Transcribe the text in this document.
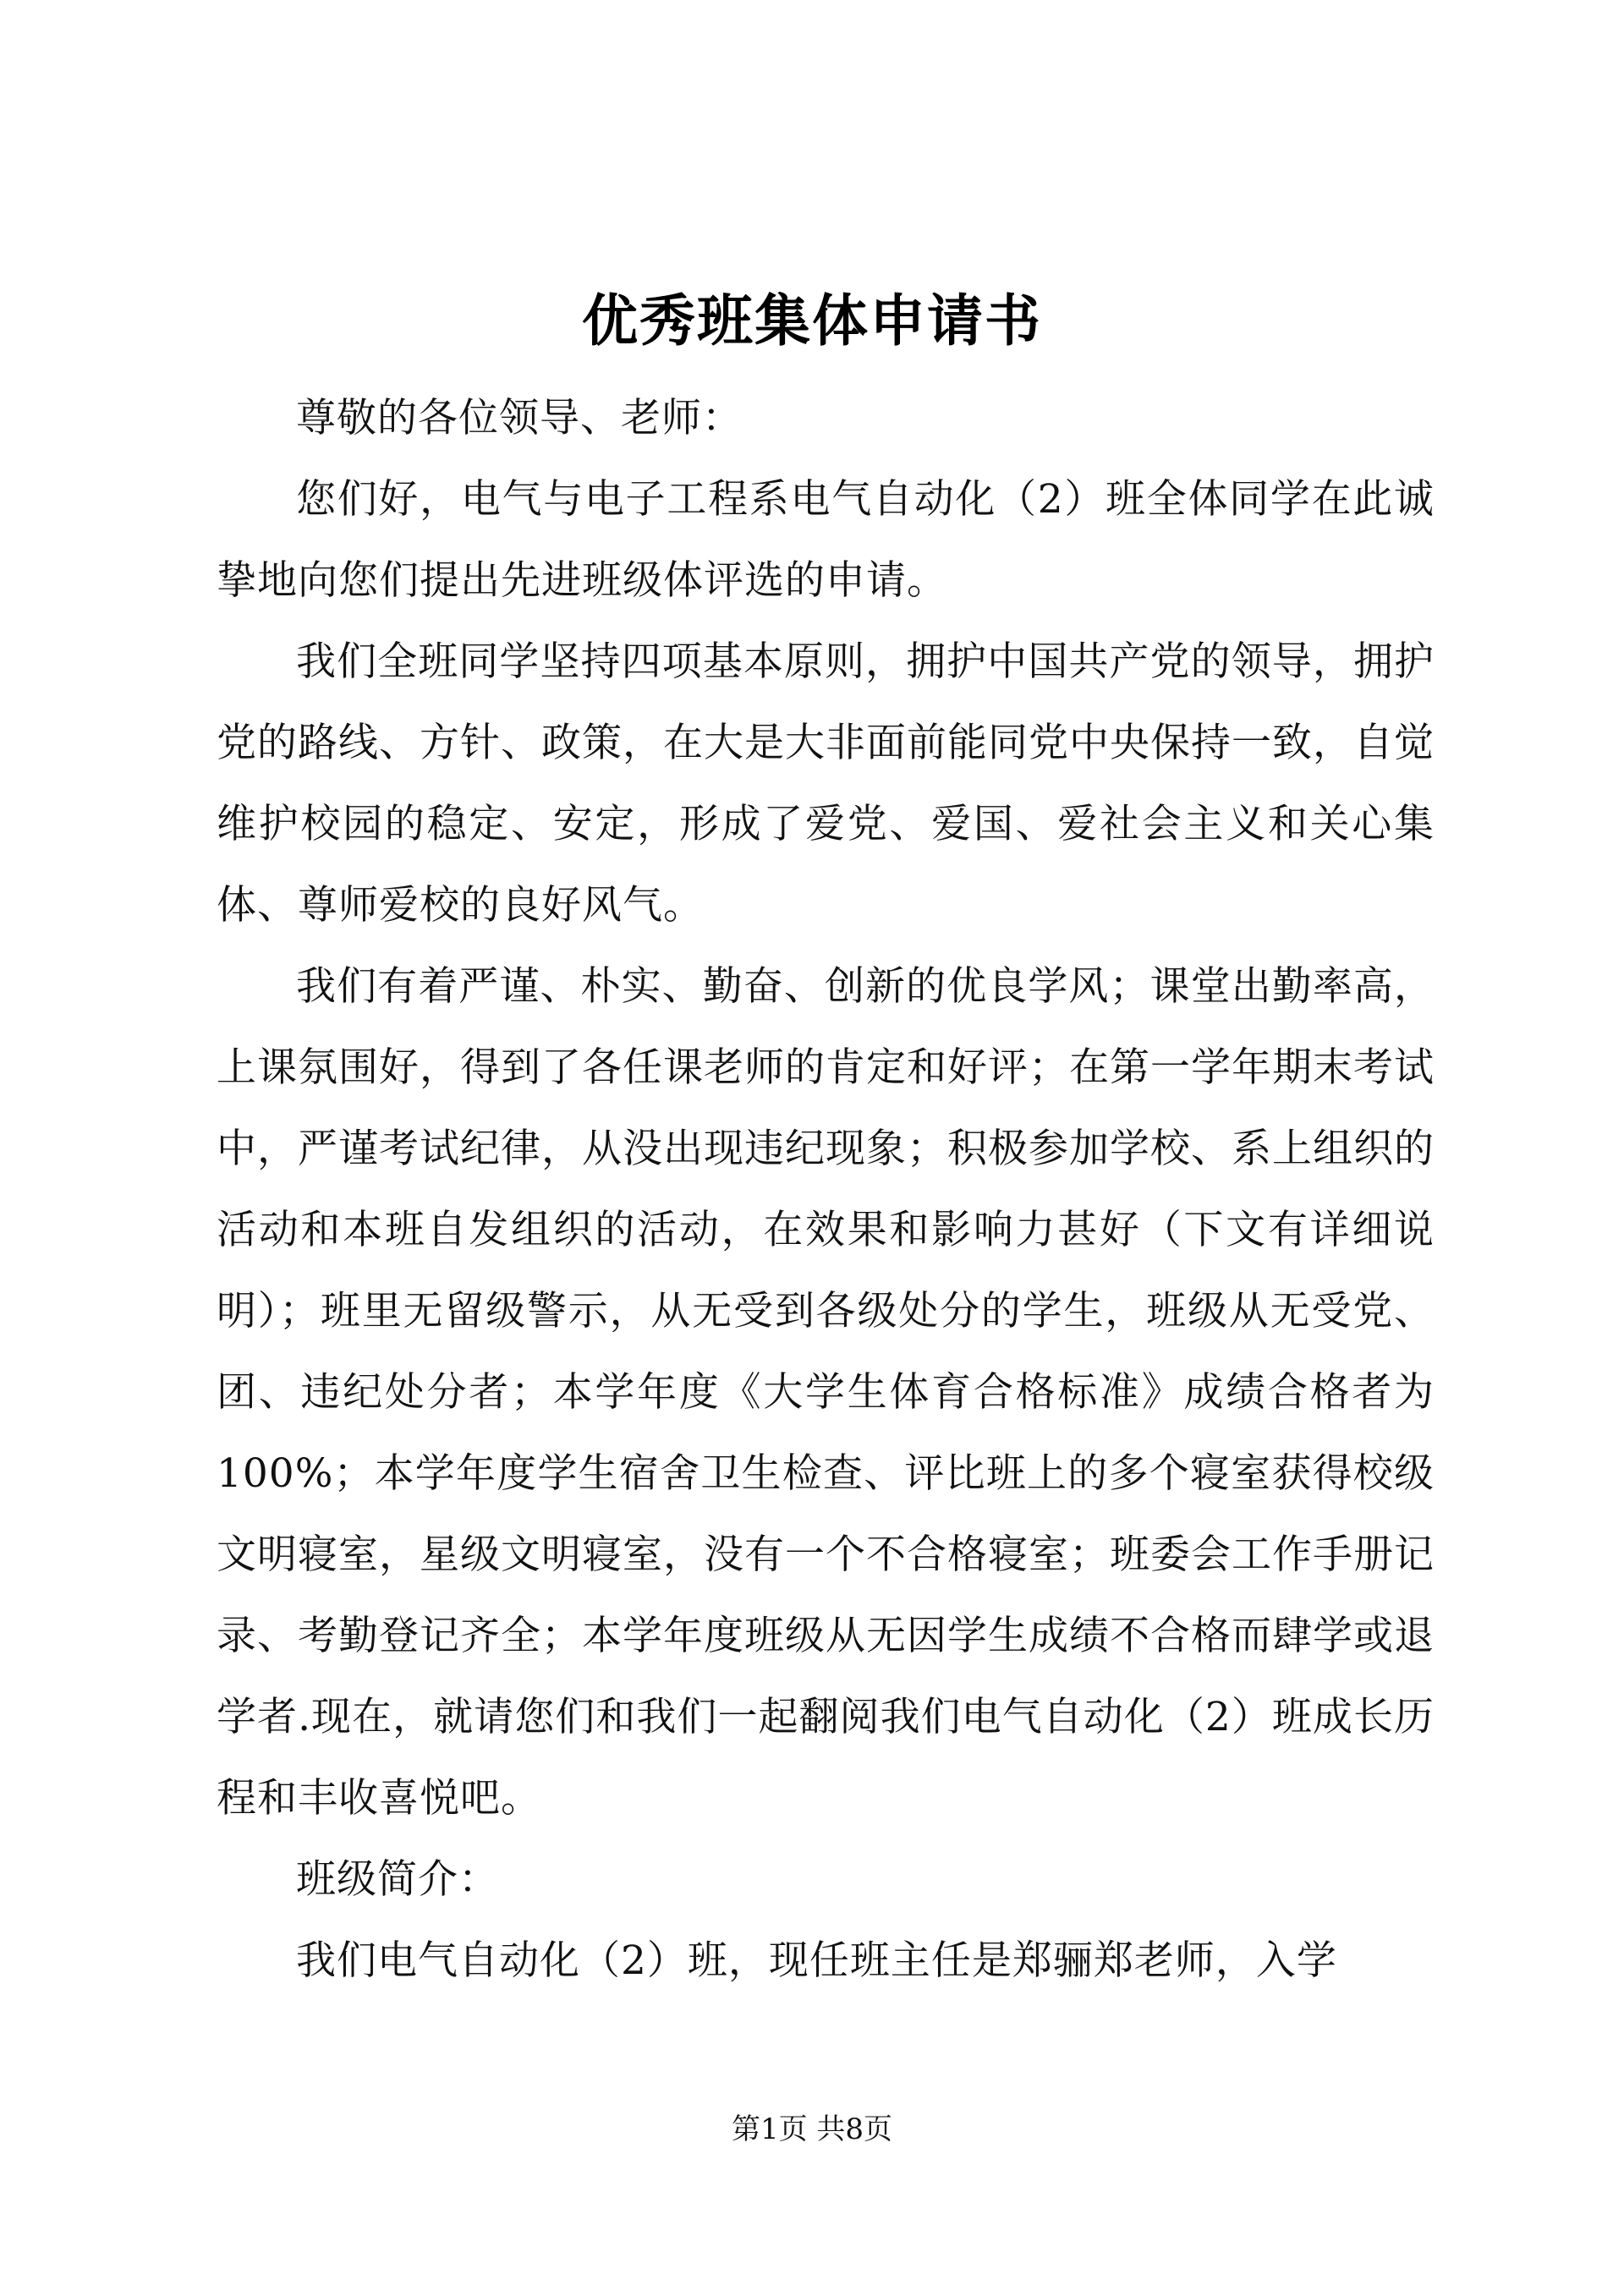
优秀班集体申请书

尊敬的各位领导、老师：

您们好，电气与电子工程系电气自动化（2）班全体同学在此诚挚地向您们提出先进班级体评选的申请。

我们全班同学坚持四项基本原则，拥护中国共产党的领导，拥护党的路线、方针、政策，在大是大非面前能同党中央保持一致，自觉维护校园的稳定、安定，形成了爱党、爱国、爱社会主义和关心集体、尊师爱校的良好风气。

我们有着严谨、朴实、勤奋、创新的优良学风；课堂出勤率高，上课氛围好，得到了各任课老师的肯定和好评；在第一学年期末考试中，严谨考试纪律，从没出现违纪现象；积极参加学校、系上组织的活动和本班自发组织的活动，在效果和影响力甚好（下文有详细说明）；班里无留级警示，从无受到各级处分的学生，班级从无受党、团、违纪处分者；本学年度《大学生体育合格标准》成绩合格者为100%；本学年度学生宿舍卫生检查、评比班上的多个寝室获得校级文明寝室，星级文明寝室，没有一个不合格寝室；班委会工作手册记录、考勤登记齐全；本学年度班级从无因学生成绩不合格而肆学或退学者.现在，就请您们和我们一起翻阅我们电气自动化（2）班成长历程和丰收喜悦吧。

班级简介：

我们电气自动化（2）班，现任班主任是郑骊郑老师，入学

第1页 共8页
